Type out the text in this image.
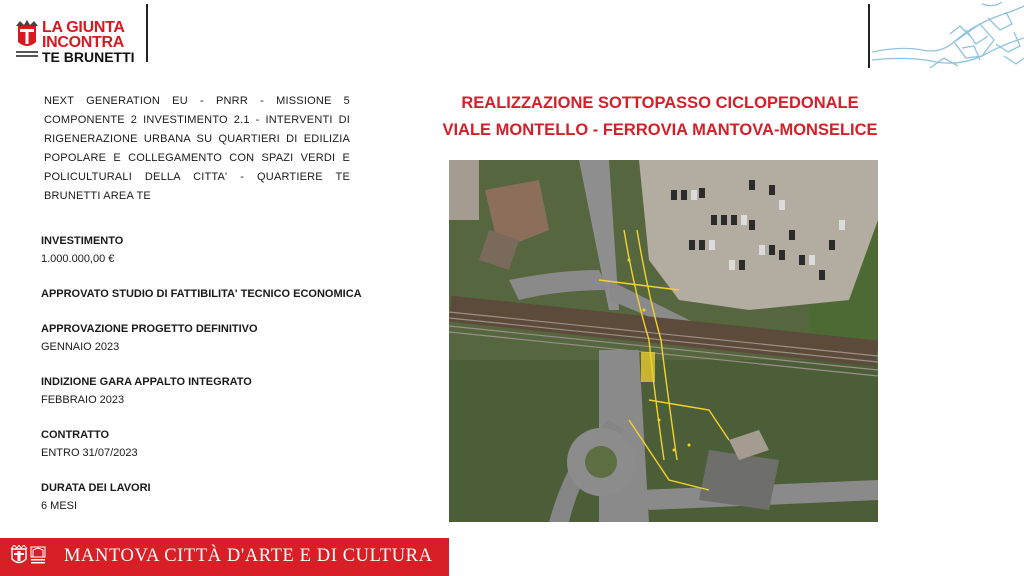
LA GIUNTA
INCONTRA
TE BRUNETTI
NEXT GENERATION EU - PNRR - MISSIONE 5 COMPONENTE 2 INVESTIMENTO 2.1 - INTERVENTI DI RIGENERAZIONE URBANA SU QUARTIERI DI EDILIZIA POPOLARE E COLLEGAMENTO CON SPAZI VERDI E POLICULTURALI DELLA CITTA' - QUARTIERE TE BRUNETTI AREA TE
INVESTIMENTO
1.000.000,00 €
APPROVATO STUDIO DI FATTIBILITA' TECNICO ECONOMICA
APPROVAZIONE PROGETTO DEFINITIVO
GENNAIO 2023
INDIZIONE GARA APPALTO INTEGRATO
FEBBRAIO 2023
CONTRATTO
ENTRO 31/07/2023
DURATA DEI LAVORI
6 MESI
REALIZZAZIONE SOTTOPASSO CICLOPEDONALE
VIALE MONTELLO - FERROVIA MANTOVA-MONSELICE
MANTOVA CITTÀ D'ARTE E DI CULTURA
